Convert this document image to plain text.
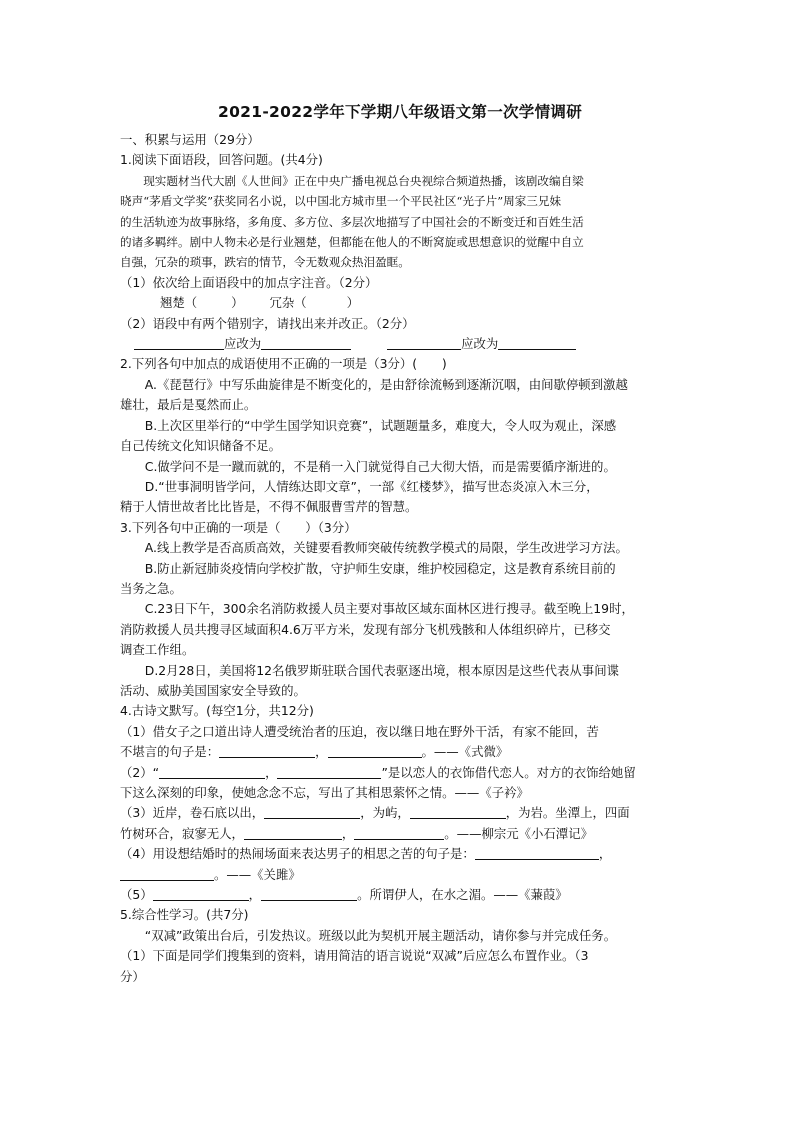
2021-2022学年下学期八年级语文第一次学情调研

一、积累与运用（29分）

1.阅读下面语段，回答问题。(共4分)

现实题材当代大剧《人世间》正在中央广播电视总台央视综合频道热播，该剧改编自梁

晓声“茅盾文学奖”获奖同名小说，以中国北方城市里一个平民社区“光子片”周家三兄妹

的生活轨迹为故事脉络，多角度、多方位、多层次地描写了中国社会的不断变迁和百姓生活

的诸多羁绊。剧中人物未必是行业翘楚，但都能在他人的不断窝旋或思想意识的觉醒中自立

自强，冗杂的琐事，跌宕的情节，令无数观众热泪盈眶。

（1）依次给上面语段中的加点字注音。（2分）

翘楚（	） 冗杂（	）

（2）语段中有两个错别字，请找出来并改正。（2分）

应改为	应改为

2.下列各句中加点的成语使用不正确的一项是（3分）(　　)

A.《琵琶行》中写乐曲旋律是不断变化的，是由舒徐流畅到逐渐沉咽，由间歇停顿到激越

雄壮，最后是戛然而止。

B.上次区里举行的“中学生国学知识竞赛”，试题题量多，难度大，令人叹为观止，深感

自己传统文化知识储备不足。

C.做学问不是一蹴而就的，不是稍一入门就觉得自己大彻大悟，而是需要循序渐进的。

D.“世事洞明皆学问，人情练达即文章”，一部《红楼梦》，描写世态炎凉入木三分，

精于人情世故者比比皆是，不得不佩服曹雪芹的智慧。

3.下列各句中正确的一项是（　　）（3分）

A.线上教学是否高质高效，关键要看教师突破传统教学模式的局限，学生改进学习方法。

B.防止新冠肺炎疫情向学校扩散，守护师生安康，维护校园稳定，这是教育系统目前的

当务之急。

C.23日下午，300余名消防救援人员主要对事故区域东面林区进行搜寻。截至晚上19时，

消防救援人员共搜寻区域面积4.6万平方米，发现有部分飞机残骸和人体组织碎片，已移交

调查工作组。

D.2月28日，美国将12名俄罗斯驻联合国代表驱逐出境，根本原因是这些代表从事间谍

活动、威胁美国国家安全导致的。

4.古诗文默写。(每空1分，共12分)

（1）借女子之口道出诗人遭受统治者的压迫，夜以继日地在野外干活，有家不能回，苦

不堪言的句子是：	，	。——《式微》

（2）“	，	”是以恋人的衣饰借代恋人。对方的衣饰给她留

下这么深刻的印象，使她念念不忘，写出了其相思萦怀之情。——《子衿》

（3）近岸，卷石底以出，	，为屿，	，为岩。坐潭上，四面

竹树环合，寂寥无人，	，	。——柳宗元《小石潭记》

（4）用设想结婚时的热闹场面来表达男子的相思之苦的句子是：	，

。——《关雎》

（5）	，	。所谓伊人，在水之湄。——《蒹葭》

5.综合性学习。(共7分)

“双减”政策出台后，引发热议。班级以此为契机开展主题活动，请你参与并完成任务。

（1）下面是同学们搜集到的资料，请用简洁的语言说说“双减”后应怎么布置作业。（3

分）
